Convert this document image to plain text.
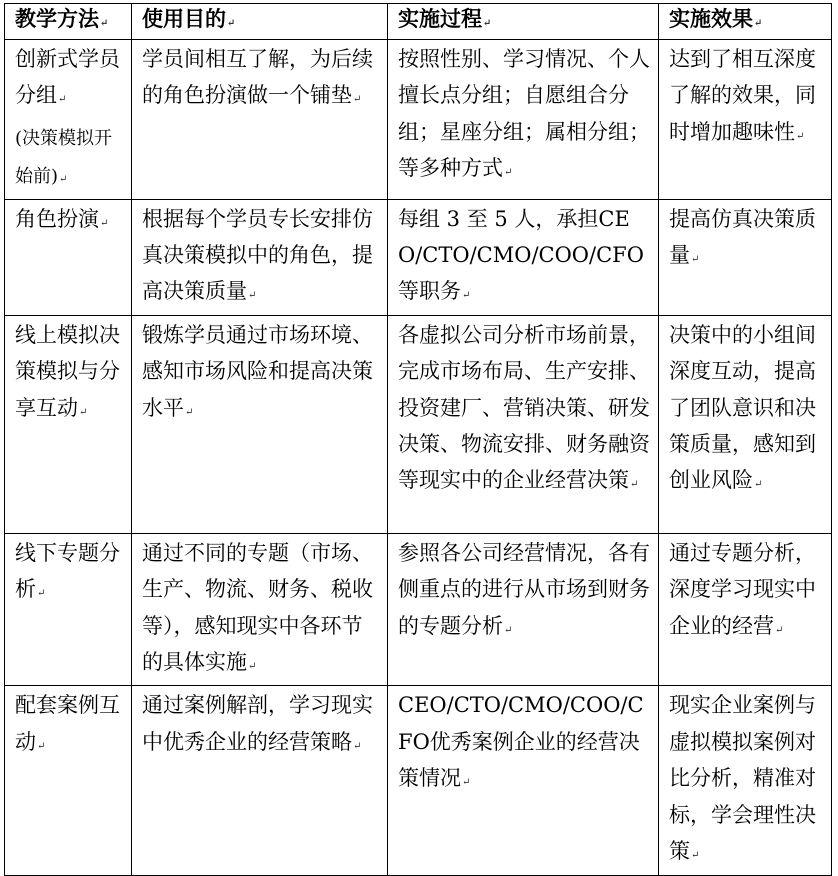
教学方法↵	使用目的↵	实施过程↵	实施效果↵
创新式学员分组↵
(决策模拟开始前)↵	学员间相互了解，为后续的角色扮演做一个铺垫↵	按照性别、学习情况、个人擅长点分组；自愿组合分组；星座分组；属相分组；等多种方式↵	达到了相互深度了解的效果，同时增加趣味性↵
角色扮演↵	根据每个学员专长安排仿真决策模拟中的角色，提高决策质量↵	每组 3 至 5 人，承担CEO/CTO/CMO/COO/CFO等职务↵	提高仿真决策质量↵
线上模拟决策模拟与分享互动↵	锻炼学员通过市场环境、感知市场风险和提高决策水平↵	各虚拟公司分析市场前景，完成市场布局、生产安排、投资建厂、营销决策、研发决策、物流安排、财务融资等现实中的企业经营决策↵	决策中的小组间深度互动，提高了团队意识和决策质量，感知到创业风险↵
线下专题分析↵	通过不同的专题（市场、生产、物流、财务、税收等），感知现实中各环节的具体实施↵	参照各公司经营情况，各有侧重点的进行从市场到财务的专题分析↵	通过专题分析，深度学习现实中企业的经营↵
配套案例互动↵	通过案例解剖，学习现实中优秀企业的经营策略↵	CEO/CTO/CMO/COO/CFO优秀案例企业的经营决策情况↵	现实企业案例与虚拟模拟案例对比分析，精准对标，学会理性决策↵
